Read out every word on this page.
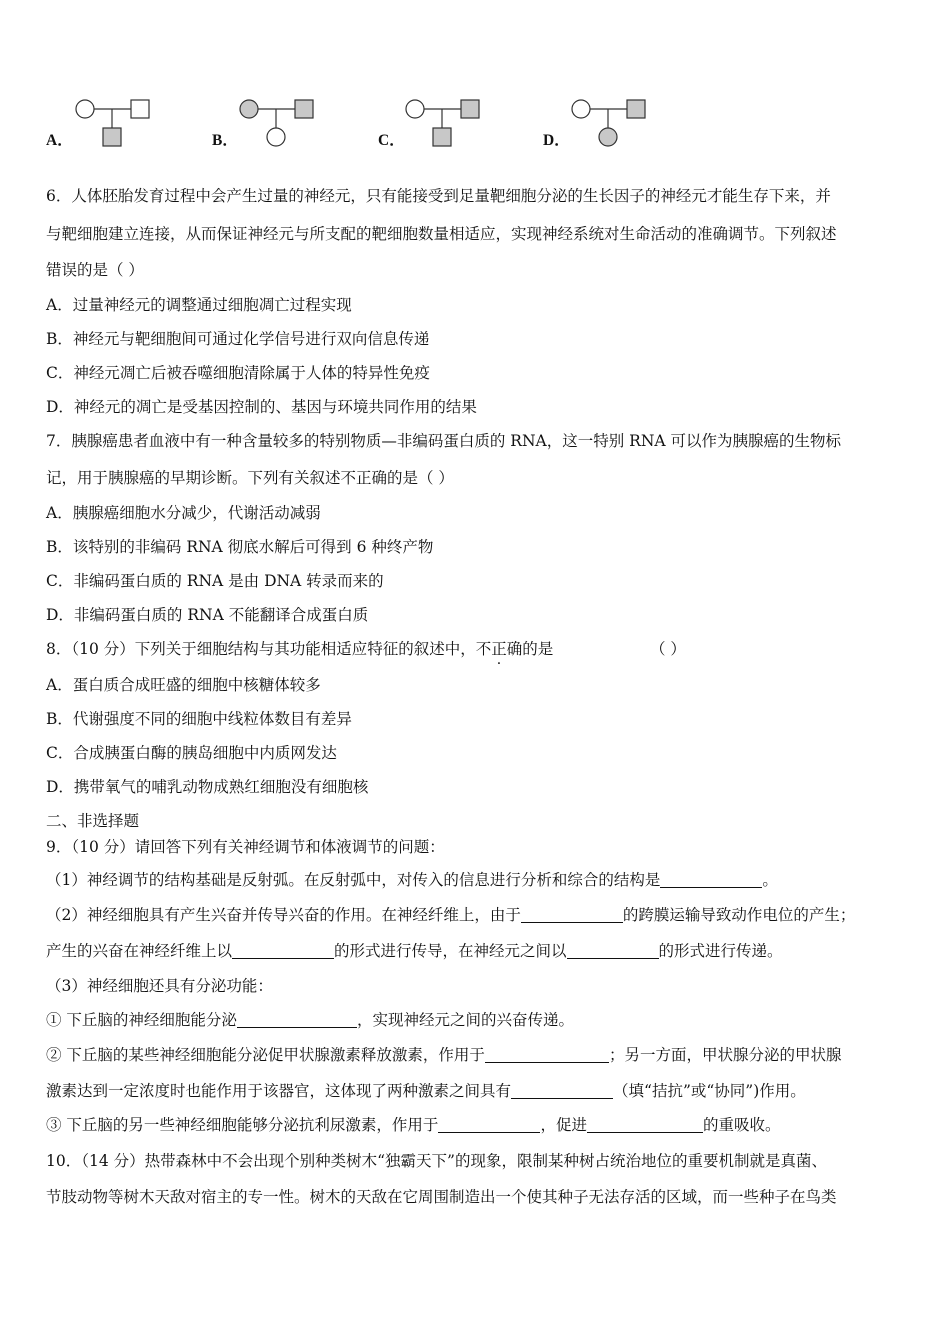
A．	B．	C．	D．
6．人体胚胎发育过程中会产生过量的神经元，只有能接受到足量靶细胞分泌的生长因子的神经元才能生存下来，并
与靶细胞建立连接，从而保证神经元与所支配的靶细胞数量相适应，实现神经系统对生命活动的准确调节。下列叙述
错误的是（ ）
A．过量神经元的调整通过细胞凋亡过程实现
B．神经元与靶细胞间可通过化学信号进行双向信息传递
C．神经元凋亡后被吞噬细胞清除属于人体的特异性免疫
D．神经元的凋亡是受基因控制的、基因与环境共同作用的结果
7．胰腺癌患者血液中有一种含量较多的特别物质—非编码蛋白质的 RNA，这一特别 RNA 可以作为胰腺癌的生物标
记，用于胰腺癌的早期诊断。下列有关叙述不正确的是（ ）
A．胰腺癌细胞水分减少，代谢活动减弱
B．该特别的非编码 RNA 彻底水解后可得到 6 种终产物
C．非编码蛋白质的 RNA 是由 DNA 转录而来的
D．非编码蛋白质的 RNA 不能翻译合成蛋白质
8．（10 分）下列关于细胞结构与其功能相适应特征的叙述中，不正确的是	（ ）
A．蛋白质合成旺盛的细胞中核糖体较多
B．代谢强度不同的细胞中线粒体数目有差异
C．合成胰蛋白酶的胰岛细胞中内质网发达
D．携带氧气的哺乳动物成熟红细胞没有细胞核
二、非选择题
9．（10 分）请回答下列有关神经调节和体液调节的问题：
（1）神经调节的结构基础是反射弧。在反射弧中，对传入的信息进行分析和综合的结构是	。
（2）神经细胞具有产生兴奋并传导兴奋的作用。在神经纤维上，由于	的跨膜运输导致动作电位的产生；
产生的兴奋在神经纤维上以	的形式进行传导，在神经元之间以	的形式进行传递。
（3）神经细胞还具有分泌功能：
① 下丘脑的神经细胞能分泌	，实现神经元之间的兴奋传递。
② 下丘脑的某些神经细胞能分泌促甲状腺激素释放激素，作用于	；另一方面，甲状腺分泌的甲状腺
激素达到一定浓度时也能作用于该器官，这体现了两种激素之间具有	（填“拮抗”或“协同”)作用。
③ 下丘脑的另一些神经细胞能够分泌抗利尿激素，作用于	，促进	的重吸收。
10．（14 分）热带森林中不会出现个别种类树木“独霸天下”的现象，限制某种树占统治地位的重要机制就是真菌、
节肢动物等树木天敌对宿主的专一性。树木的天敌在它周围制造出一个使其种子无法存活的区域，而一些种子在鸟类
